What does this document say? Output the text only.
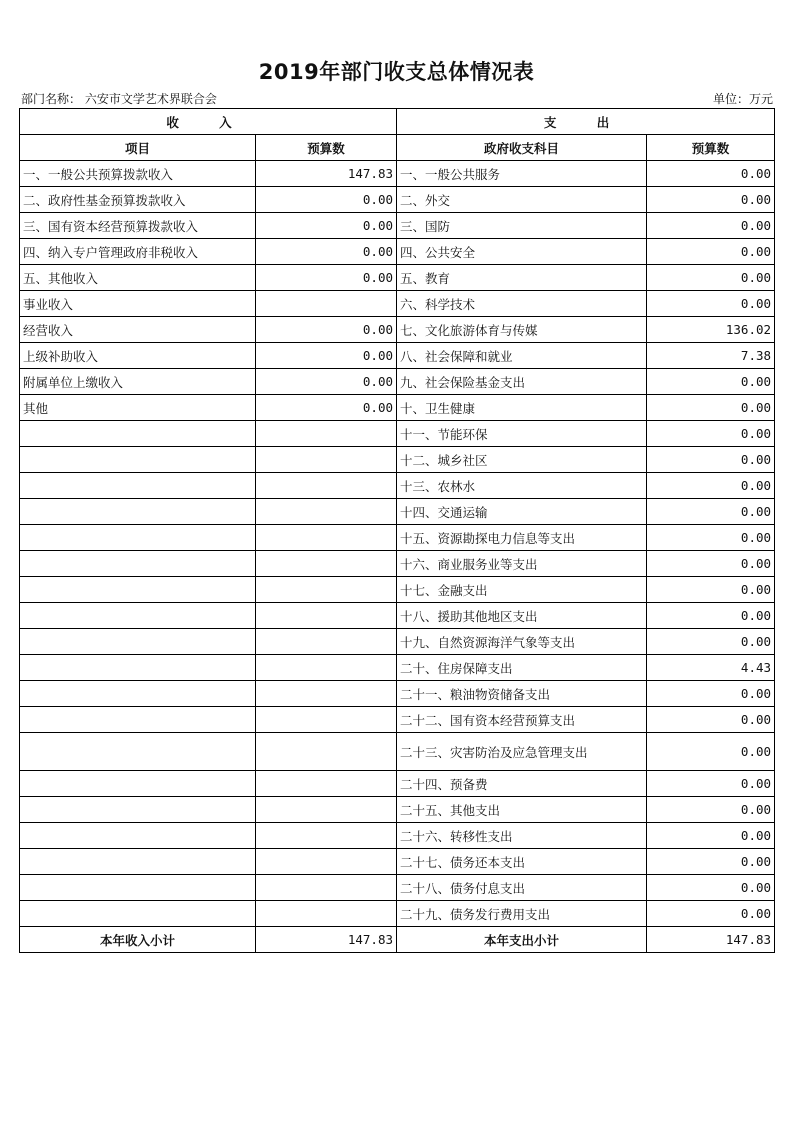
2019年部门收支总体情况表
部门名称： 六安市文学艺术界联合会	单位：万元
收 入		支 出	
项目	预算数	政府收支科目	预算数
一、一般公共预算拨款收入	147.83	一、一般公共服务	0.00
二、政府性基金预算拨款收入	0.00	二、外交	0.00
三、国有资本经营预算拨款收入	0.00	三、国防	0.00
四、纳入专户管理政府非税收入	0.00	四、公共安全	0.00
五、其他收入	0.00	五、教育	0.00
事业收入		六、科学技术	0.00
经营收入	0.00	七、文化旅游体育与传媒	136.02
上级补助收入	0.00	八、社会保障和就业	7.38
附属单位上缴收入	0.00	九、社会保险基金支出	0.00
其他	0.00	十、卫生健康	0.00
		十一、节能环保	0.00
		十二、城乡社区	0.00
		十三、农林水	0.00
		十四、交通运输	0.00
		十五、资源勘探电力信息等支出	0.00
		十六、商业服务业等支出	0.00
		十七、金融支出	0.00
		十八、援助其他地区支出	0.00
		十九、自然资源海洋气象等支出	0.00
		二十、住房保障支出	4.43
		二十一、粮油物资储备支出	0.00
		二十二、国有资本经营预算支出	0.00
		二十三、灾害防治及应急管理支出	0.00
		二十四、预备费	0.00
		二十五、其他支出	0.00
		二十六、转移性支出	0.00
		二十七、债务还本支出	0.00
		二十八、债务付息支出	0.00
		二十九、债务发行费用支出	0.00
本年收入小计	147.83	本年支出小计	147.83
